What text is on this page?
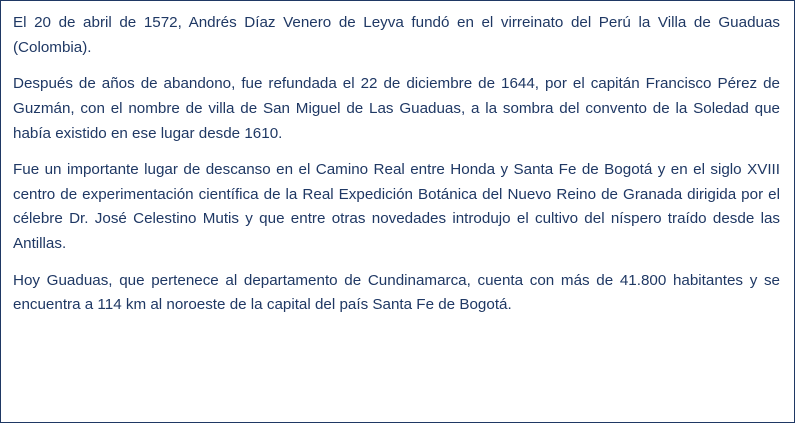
El 20 de abril de 1572, Andrés Díaz Venero de Leyva fundó en el virreinato del Perú la Villa de Guaduas (Colombia).

Después de años de abandono, fue refundada el 22 de diciembre de 1644, por el capitán Francisco Pérez de Guzmán, con el nombre de villa de San Miguel de Las Guaduas, a la sombra del convento de la Soledad que había existido en ese lugar desde 1610.

Fue un importante lugar de descanso en el Camino Real entre Honda y Santa Fe de Bogotá y en el siglo XVIII centro de experimentación científica de la Real Expedición Botánica del Nuevo Reino de Granada dirigida por el célebre Dr. José Celestino Mutis y que entre otras novedades introdujo el cultivo del níspero traído desde las Antillas.

Hoy Guaduas, que pertenece al departamento de Cundinamarca, cuenta con más de 41.800 habitantes y se encuentra a 114 km al noroeste de la capital del país Santa Fe de Bogotá.
